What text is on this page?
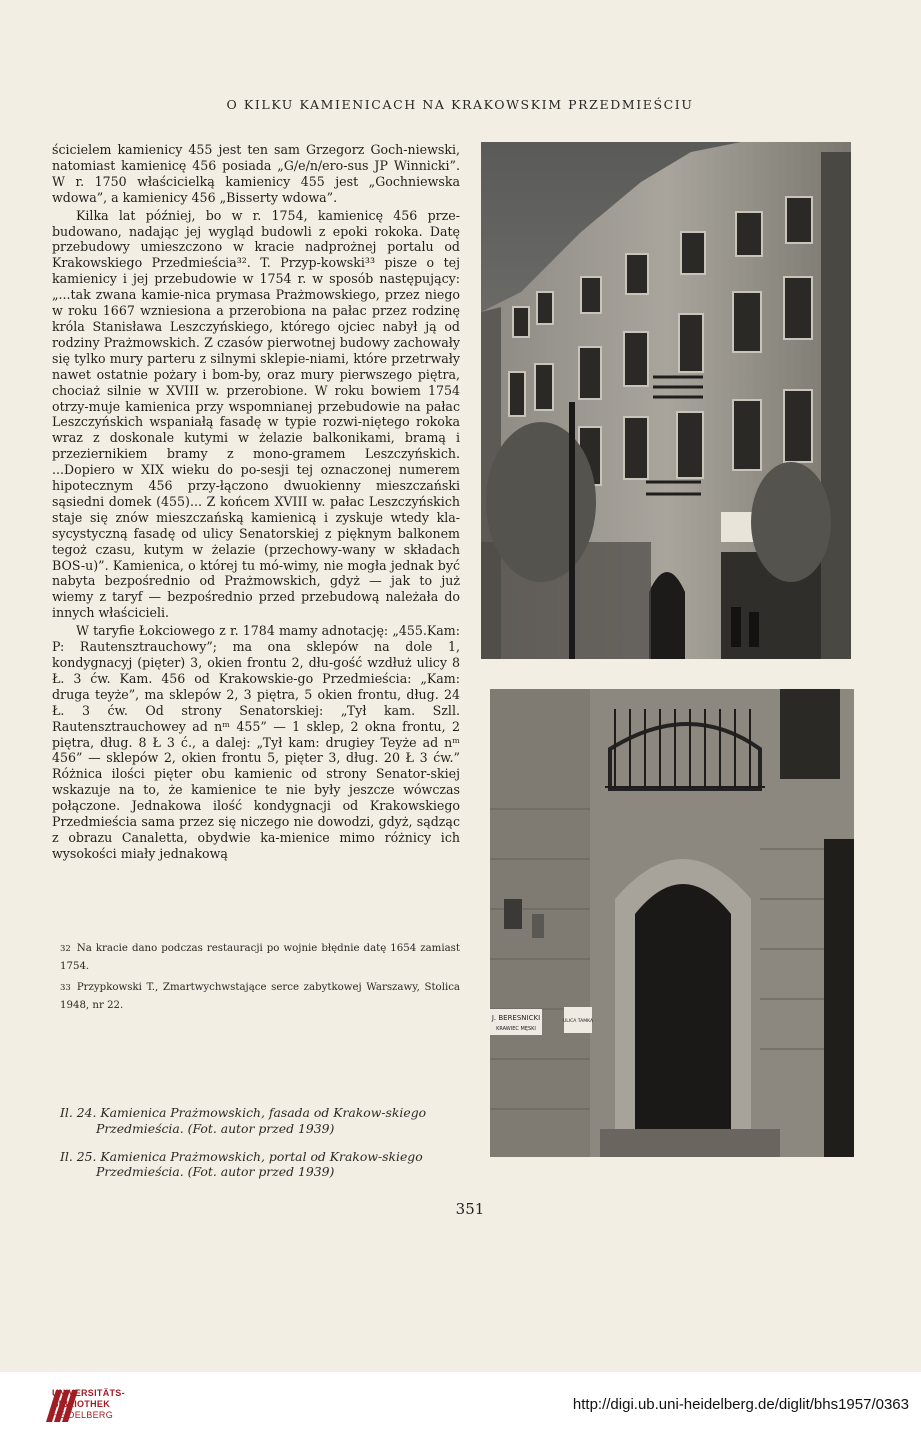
O KILKU KAMIENICACH NA KRAKOWSKIM PRZEDMIEŚCIU

ścicielem kamienicy 455 jest ten sam Grzegorz Goch-niewski, natomiast kamienicę 456 posiada „G/e/n/ero-sus JP Winnicki”. W r. 1750 właścicielką kamienicy 455 jest „Gochniewska wdowa”, a kamienicy 456 „Bisserty wdowa”.

Kilka lat później, bo w r. 1754, kamienicę 456 prze-budowano, nadając jej wygląd budowli z epoki rokoka. Datę przebudowy umieszczono w kracie nadprożnej portalu od Krakowskiego Przedmieścia³². T. Przyp-kowski³³ pisze o tej kamienicy i jej przebudowie w 1754 r. w sposób następujący: „...tak zwana kamie-nica prymasa Prażmowskiego, przez niego w roku 1667 wzniesiona a przerobiona na pałac przez rodzinę króla Stanisława Leszczyńskiego, którego ojciec nabył ją od rodziny Prażmowskich. Z czasów pierwotnej budowy zachowały się tylko mury parteru z silnymi sklepie-niami, które przetrwały nawet ostatnie pożary i bom-by, oraz mury pierwszego piętra, chociaż silnie w XVIII w. przerobione. W roku bowiem 1754 otrzy-muje kamienica przy wspomnianej przebudowie na pałac Leszczyńskich wspaniałą fasadę w typie rozwi-niętego rokoka wraz z doskonale kutymi w żelazie balkonikami, bramą i przeziernikiem bramy z mono-gramem Leszczyńskich. ...Dopiero w XIX wieku do po-sesji tej oznaczonej numerem hipotecznym 456 przy-łączono dwuokienny mieszczański sąsiedni domek (455)... Z końcem XVIII w. pałac Leszczyńskich staje się znów mieszczańską kamienicą i zyskuje wtedy kla-sycystyczną fasadę od ulicy Senatorskiej z pięknym balkonem tegoż czasu, kutym w żelazie (przechowy-wany w składach BOS-u)”. Kamienica, o której tu mó-wimy, nie mogła jednak być nabyta bezpośrednio od Prażmowskich, gdyż — jak to już wiemy z taryf — bezpośrednio przed przebudową należała do innych właścicieli.

W taryfie Łokciowego z r. 1784 mamy adnotację: „455.Kam: P: Rautensztrauchowy”; ma ona sklepów na dole 1, kondygnacyj (pięter) 3, okien frontu 2, dłu-gość wzdłuż ulicy 8 Ł. 3 ćw. Kam. 456 od Krakowskie-go Przedmieścia: „Kam: druga teyże”, ma sklepów 2, 3 piętra, 5 okien frontu, dług. 24 Ł. 3 ćw. Od strony Senatorskiej: „Tył kam. Szll. Rautensztrauchowey ad nᵐ 455” — 1 sklep, 2 okna frontu, 2 piętra, dług. 8 Ł 3 ć., a dalej: „Tył kam: drugiey Teyże ad nᵐ 456” — sklepów 2, okien frontu 5, pięter 3, dług. 20 Ł 3 ćw.” Różnica ilości pięter obu kamienic od strony Senator-skiej wskazuje na to, że kamienice te nie były jeszcze wówczas połączone. Jednakowa ilość kondygnacji od Krakowskiego Przedmieścia sama przez się niczego nie dowodzi, gdyż, sądząc z obrazu Canaletta, obydwie ka-mienice mimo różnicy ich wysokości miały jednakową

32 Na kracie dano podczas restauracji po wojnie błędnie datę 1654 zamiast 1754.

33 Przypkowski T., Zmartwychwstające serce zabytkowej Warszawy, Stolica 1948, nr 22.

Il. 24. Kamienica Prażmowskich, fasada od Krakow-skiego Przedmieścia. (Fot. autor przed 1939)

Il. 25. Kamienica Prażmowskich, portal od Krakow-skiego Przedmieścia. (Fot. autor przed 1939)

J. BERESNICKI
KRAWIEC MĘSKI
ULICA TAMKA
351
UNIVERSITÄTS-
BIBLIOTHEK
HEIDELBERG
http://digi.ub.uni-heidelberg.de/diglit/bhs1957/0363
